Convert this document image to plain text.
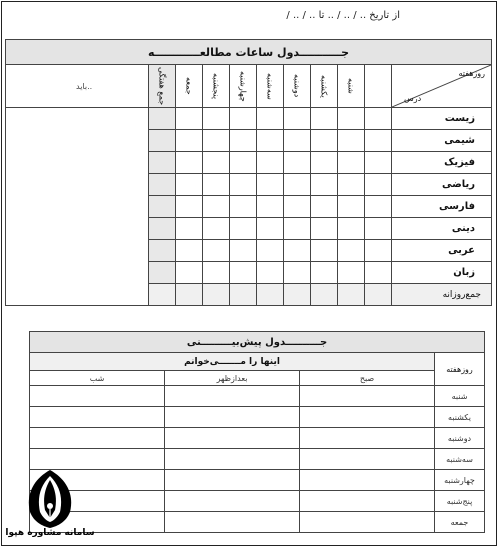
از تاریخ .. / .. / .. تا .. / .. /
جـــــــــــدول ساعات مطالعــــــــــــه										
باید..	جمع هفتگی	جمعه	پنجشنبه	چهارشنبه	سه‌شنبه	دوشنبه	یکشنبه	شنبه		روزهفته
درس

										زیست
										شیمی
										فیزیک
										ریاضی
										فارسی
										دینی
										عربی
										زبان
										جمع‌روزانه
جــــــــــدول پیش‌بیـــــــــنی			
اینها را مـــــــی‌خوانم			روزهفته
شب	بعدازظهر	صبح	
			شنبه
			یکشنبه
			دوشنبه
			سه‌شنبه
			چهارشنبه
			پنج‌شنبه
			جمعه
سامانه مشاوره هپوا
